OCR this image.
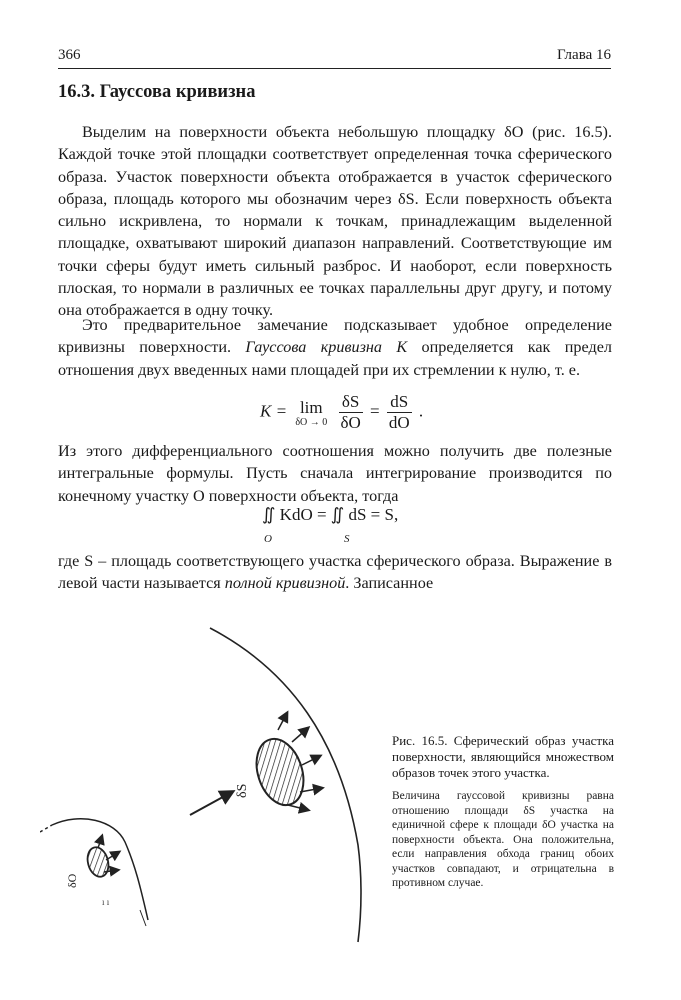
366	Глава 16
16.3. Гауссова кривизна

Выделим на поверхности объекта небольшую площадку δO (рис. 16.5). Каждой точке этой площадки соответствует определенная точка сферического образа. Участок поверхности объекта отображается в участок сферического образа, площадь которого мы обозначим через δS. Если поверхность объекта сильно искривлена, то нормали к точкам, принадлежащим выделенной площадке, охватывают широкий диапазон направлений. Соответствующие им точки сферы будут иметь сильный разброс. И наоборот, если поверхность плоская, то нормали в различных ее точках параллельны друг другу, и потому она отображается в одну точку.

Это предварительное замечание подсказывает удобное определение кривизны поверхности. Гауссова кривизна K определяется как предел отношения двух введенных нами площадей при их стремлении к нулю, т. е.

K = lim
δO → 0
$\frac{\delta S}{\delta O} = \frac{dS}{dO}$ .

Из этого дифференциального соотношения можно получить две полезные интегральные формулы. Пусть сначала интегрирование производится по конечному участку O поверхности объекта, тогда

∬ KdO = ∬ dS = S,
O	S

где S – площадь соответствующего участка сферического образа. Выражение в левой части называется полной кривизной. Записанное

δS
δO
ı ı

Рис. 16.5. Сферический образ участка поверхности, являющийся множеством образов точек этого участка.

Величина гауссовой кривизны равна отношению площади δS участка на единичной сфере к площади δO участка на поверхности объекта. Она положительна, если направления обхода границ обоих участков совпадают, и отрицательна в противном случае.
